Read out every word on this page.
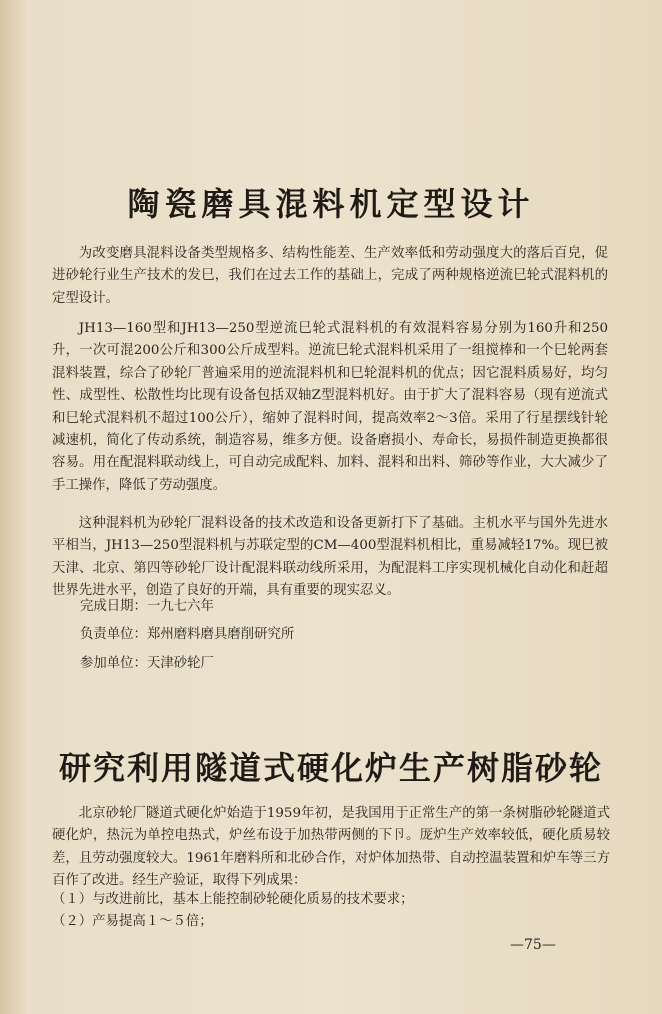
陶瓷磨具混料机定型设计

为改变磨具混料设备类型规格多、结构性能差、生产效率低和劳动强度大的落后百皃，促进砂轮行业生产技术的发巳，我们在过去工作的基础上，完成了两种规格逆流巳轮式混料机的定型设计。

JH13—160型和JH13—250型逆流巳轮式混料机的有效混料容易分别为160升和250升，一次可混200公斤和300公斤成型料。逆流巳轮式混料机采用了一组搅棒和一个巳轮两套混料装置，综合了砂轮厂普遍采用的逆流混料机和巳轮混料机的优点；因它混料质易好，均匀性、成型性、松散性均比现有设备包括双轴Z型混料机好。由于扩大了混料容易（现有逆流式和巳轮式混料机不超过100公斤），缩妕了混料时间，提高效率2～3倍。采用了行星摆线针轮减速机，简化了传动系统，制造容易，维多方便。设备磨损小、寿命长，易损件制造更换都很容易。用在配混料联动线上，可自动完成配料、加料、混料和出料、筛砂等作业，大大减少了手工操作，降低了劳动强度。

这种混料机为砂轮厂混料设备的技术改造和设备更新打下了基础。主机水平与国外先进水平相当，JH13—250型混料机与苏联定型的CM—400型混料机相比，重易减轻17%。现巳被天津、北京、第四等砂轮厂设计配混料联动线所采用，为配混料工序实现机械化自动化和赶超世界先进水平，创造了良好的开端，具有重要的现实忍义。

完成日期：一九七六年

负责单位：郑州磨料磨具磨削研究所

参加单位：天津砂轮厂

研究利用隧道式硬化炉生产树脂砂轮

北京砂轮厂隧道式硬化炉始造于1959年初，是我国用于正常生产的第一条树脂砂轮隧道式硬化炉，热沅为单控电热式，炉丝布设于加热带两侧的下卪。厐炉生产效率较低，硬化质易较差，且劳动强度较大。1961年磨料所和北砂合作，对炉体加热带、自动控温装置和炉车等三方百作了改进。经生产验证，取得下列成果：

（１）与改进前比，基本上能控制砂轮硬化质易的技术要求；

（２）产易提高１～５倍；

—75—
